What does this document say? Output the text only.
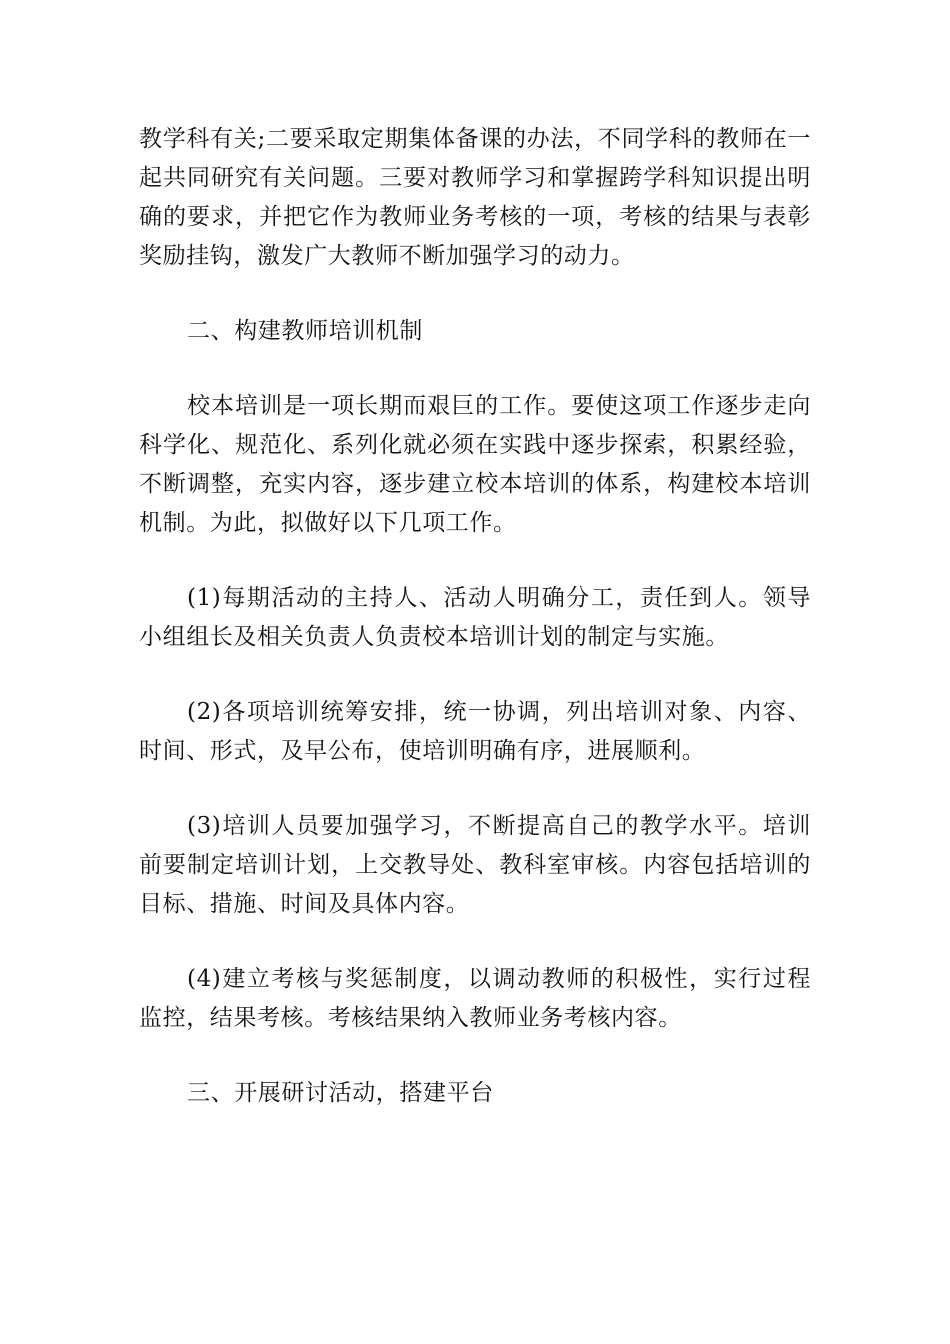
教学科有关;二要采取定期集体备课的办法，不同学科的教师在一起共同研究有关问题。三要对教师学习和掌握跨学科知识提出明确的要求，并把它作为教师业务考核的一项，考核的结果与表彰奖励挂钩，激发广大教师不断加强学习的动力。

二、构建教师培训机制

校本培训是一项长期而艰巨的工作。要使这项工作逐步走向科学化、规范化、系列化就必须在实践中逐步探索，积累经验，不断调整，充实内容，逐步建立校本培训的体系，构建校本培训机制。为此，拟做好以下几项工作。

(1)每期活动的主持人、活动人明确分工，责任到人。领导小组组长及相关负责人负责校本培训计划的制定与实施。

(2)各项培训统筹安排，统一协调，列出培训对象、内容、时间、形式，及早公布，使培训明确有序，进展顺利。

(3)培训人员要加强学习，不断提高自己的教学水平。培训前要制定培训计划，上交教导处、教科室审核。内容包括培训的目标、措施、时间及具体内容。

(4)建立考核与奖惩制度，以调动教师的积极性，实行过程监控，结果考核。考核结果纳入教师业务考核内容。

三、开展研讨活动，搭建平台
